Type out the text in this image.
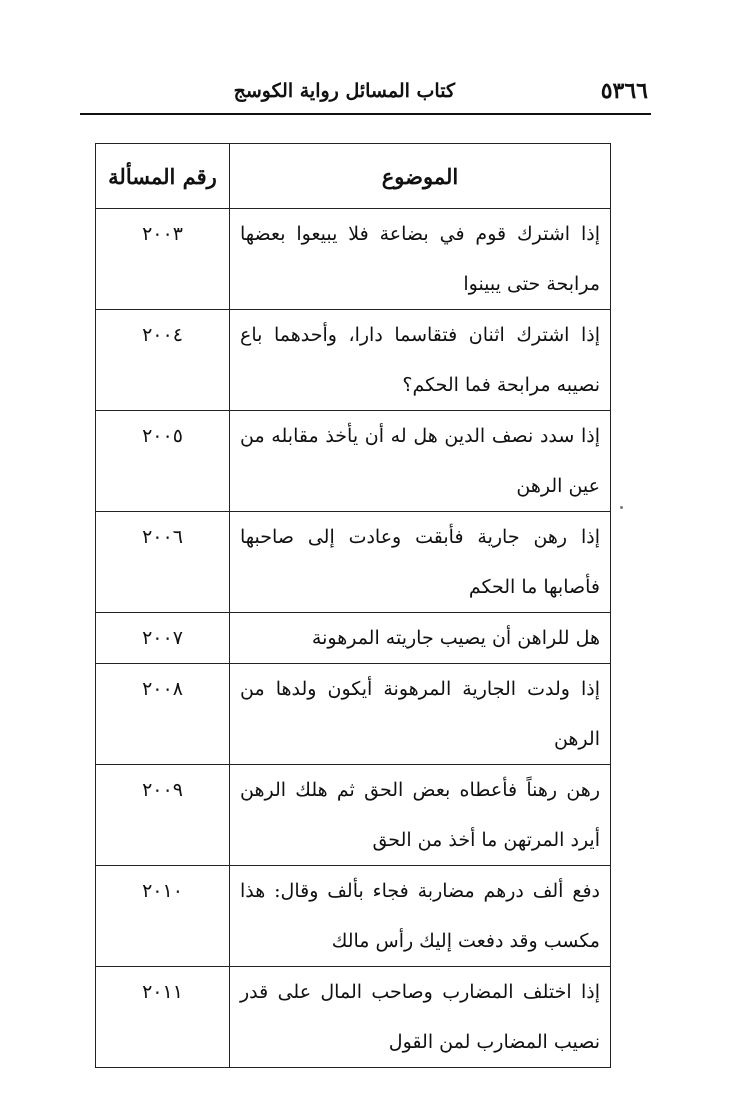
٥٣٦٦
كتاب المسائل رواية الكوسج
الموضوع	رقم المسألة
إذا اشترك قوم في بضاعة فلا يبيعوا بعضها مرابحة حتى يبينوا	٢٠٠٣
إذا اشترك اثنان فتقاسما دارا، وأحدهما باع نصيبه مرابحة فما الحكم؟	٢٠٠٤
إذا سدد نصف الدين هل له أن يأخذ مقابله من عين الرهن	٢٠٠٥
إذا رهن جارية فأبقت وعادت إلى صاحبها فأصابها ما الحكم	٢٠٠٦
هل للراهن أن يصيب جاريته المرهونة	٢٠٠٧
إذا ولدت الجارية المرهونة أيكون ولدها من الرهن	٢٠٠٨
رهن رهناً فأعطاه بعض الحق ثم هلك الرهن أيرد المرتهن ما أخذ من الحق	٢٠٠٩
دفع ألف درهم مضاربة فجاء بألف وقال: هذا مكسب وقد دفعت إليك رأس مالك	٢٠١٠
إذا اختلف المضارب وصاحب المال على قدر نصيب المضارب لمن القول	٢٠١١
